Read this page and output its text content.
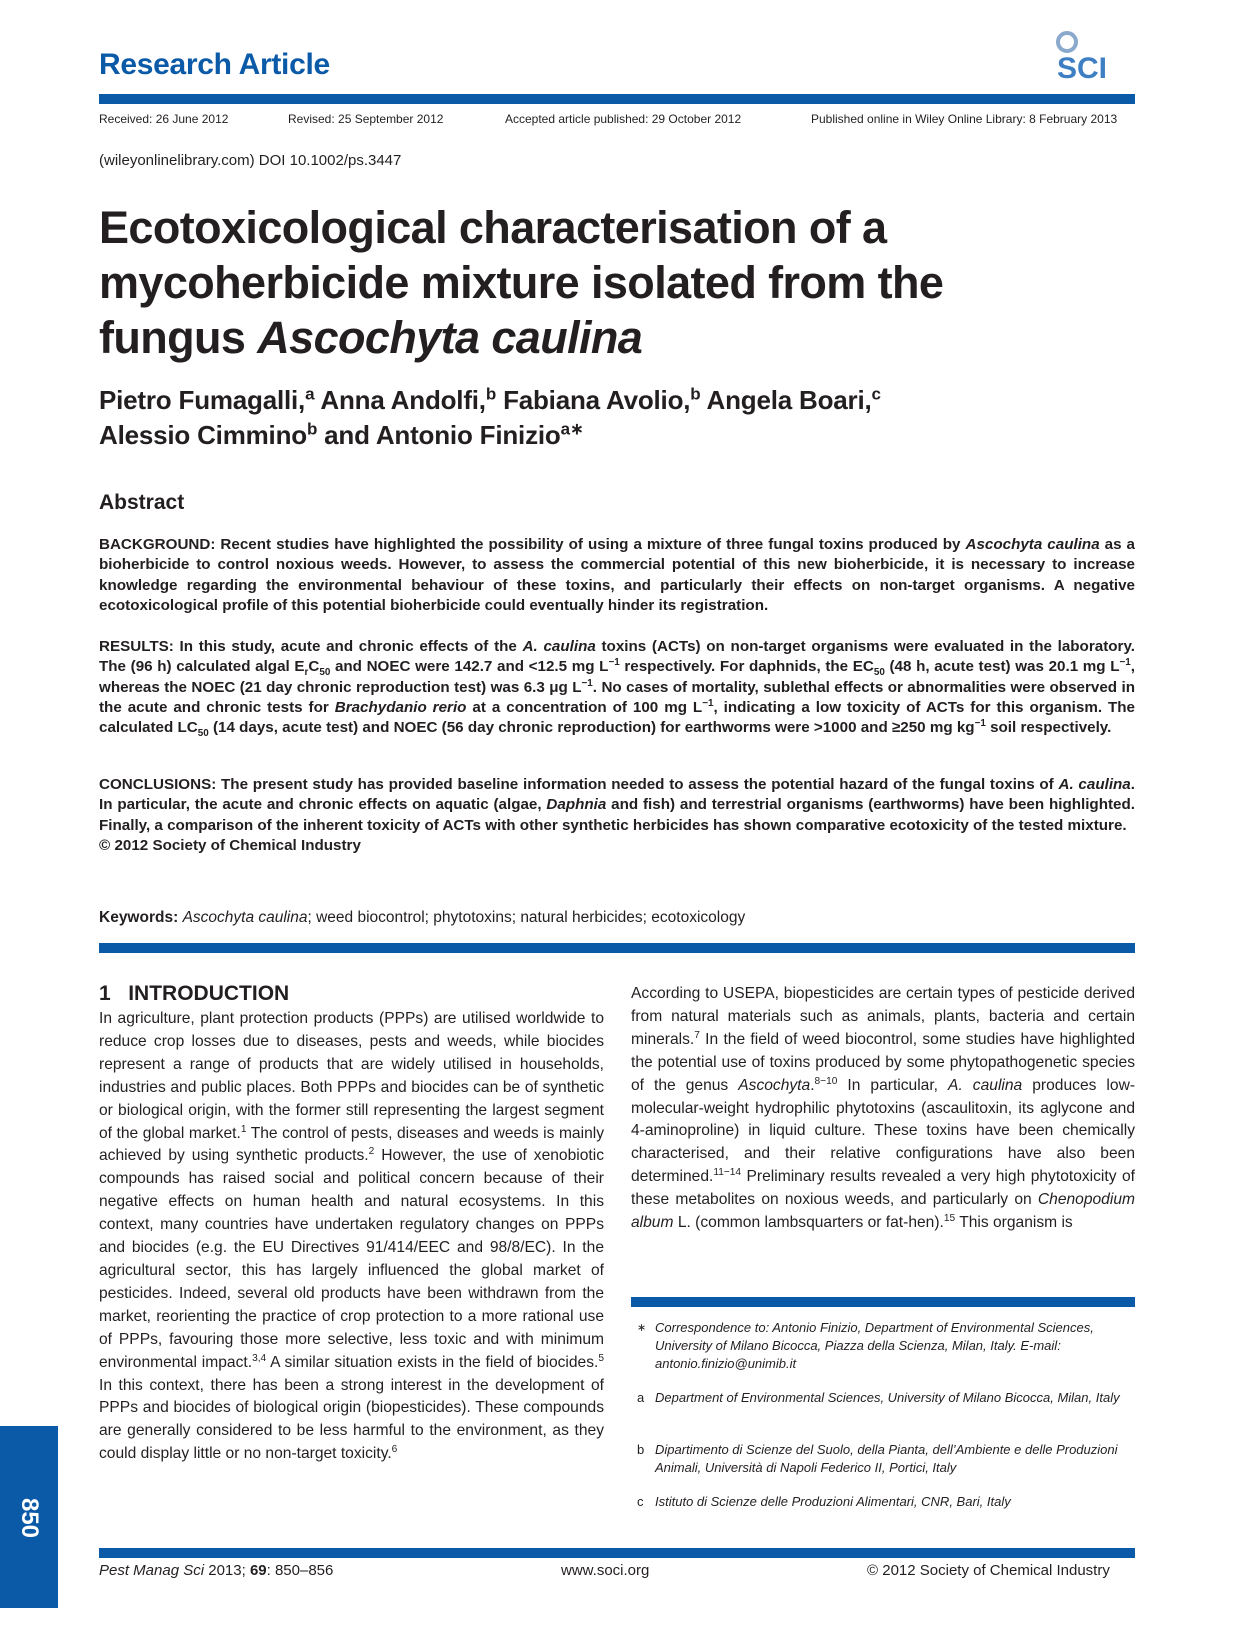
Research Article	SCI
Received: 26 June 2012	Revised: 25 September 2012	Accepted article published: 29 October 2012	Published online in Wiley Online Library: 8 February 2013
(wileyonlinelibrary.com) DOI 10.1002/ps.3447
Ecotoxicological characterisation of a
mycoherbicide mixture isolated from the
fungus Ascochyta caulina
Pietro Fumagalli,$^a$ Anna Andolfi,$^b$ Fabiana Avolio,$^b$ Angela Boari,$^c$
Alessio Cimmino$^b$ and Antonio Finizio$^{a∗}$
Abstract
BACKGROUND: Recent studies have highlighted the possibility of using a mixture of three fungal toxins produced by Ascochyta caulina as a bioherbicide to control noxious weeds. However, to assess the commercial potential of this new bioherbicide, it is necessary to increase knowledge regarding the environmental behaviour of these toxins, and particularly their effects on non-target organisms. A negative ecotoxicological profile of this potential bioherbicide could eventually hinder its registration.
RESULTS: In this study, acute and chronic effects of the A. caulina toxins (ACTs) on non-target organisms were evaluated in the laboratory. The (96 h) calculated algal $E_rC_{50}$ and NOEC were 142.7 and <12.5 mg $L^{-1}$ respectively. For daphnids, the $EC_{50}$ (48 h, acute test) was 20.1 mg $L^{-1}$, whereas the NOEC (21 day chronic reproduction test) was 6.3 μg $L^{-1}$. No cases of mortality, sublethal effects or abnormalities were observed in the acute and chronic tests for Brachydanio rerio at a concentration of 100 mg $L^{-1}$, indicating a low toxicity of ACTs for this organism. The calculated $LC_{50}$ (14 days, acute test) and NOEC (56 day chronic reproduction) for earthworms were >1000 and ≥250 mg $kg^{-1}$ soil respectively.
CONCLUSIONS: The present study has provided baseline information needed to assess the potential hazard of the fungal toxins of A. caulina. In particular, the acute and chronic effects on aquatic (algae, Daphnia and fish) and terrestrial organisms (earthworms) have been highlighted. Finally, a comparison of the inherent toxicity of ACTs with other synthetic herbicides has shown comparative ecotoxicity of the tested mixture.
© 2012 Society of Chemical Industry
Keywords: Ascochyta caulina; weed biocontrol; phytotoxins; natural herbicides; ecotoxicology
1 INTRODUCTION
In agriculture, plant protection products (PPPs) are utilised worldwide to reduce crop losses due to diseases, pests and weeds, while biocides represent a range of products that are widely utilised in households, industries and public places. Both PPPs and biocides can be of synthetic or biological origin, with the former still representing the largest segment of the global market.$^1$ The control of pests, diseases and weeds is mainly achieved by using synthetic products.$^2$ However, the use of xenobiotic compounds has raised social and political concern because of their negative effects on human health and natural ecosystems. In this context, many countries have undertaken regulatory changes on PPPs and biocides (e.g. the EU Directives 91/414/EEC and 98/8/EC). In the agricultural sector, this has largely influenced the global market of pesticides. Indeed, several old products have been withdrawn from the market, reorienting the practice of crop protection to a more rational use of PPPs, favouring those more selective, less toxic and with minimum environmental impact.$^{3,4}$ A similar situation exists in the field of biocides.$^5$ In this context, there has been a strong interest in the development of PPPs and biocides of biological origin (biopesticides). These compounds are generally considered to be less harmful to the environment, as they could display little or no non-target toxicity.$^6$
According to USEPA, biopesticides are certain types of pesticide derived from natural materials such as animals, plants, bacteria and certain minerals.$^7$ In the field of weed biocontrol, some studies have highlighted the potential use of toxins produced by some phytopathogenetic species of the genus Ascochyta.$^{8-10}$ In particular, A. caulina produces low-molecular-weight hydrophilic phytotoxins (ascaulitoxin, its aglycone and 4-aminoproline) in liquid culture. These toxins have been chemically characterised, and their relative configurations have also been determined.$^{11-14}$ Preliminary results revealed a very high phytotoxicity of these metabolites on noxious weeds, and particularly on Chenopodium album L. (common lambsquarters or fat-hen).$^{15}$ This organism is
∗ Correspondence to: Antonio Finizio, Department of Environmental Sciences, University of Milano Bicocca, Piazza della Scienza, Milan, Italy. E-mail: antonio.finizio@unimib.it
a Department of Environmental Sciences, University of Milano Bicocca, Milan, Italy
b Dipartimento di Scienze del Suolo, della Pianta, dell’Ambiente e delle Produzioni Animali, Università di Napoli Federico II, Portici, Italy
c Istituto di Scienze delle Produzioni Alimentari, CNR, Bari, Italy
850
Pest Manag Sci 2013; 69: 850–856	www.soci.org	© 2012 Society of Chemical Industry
